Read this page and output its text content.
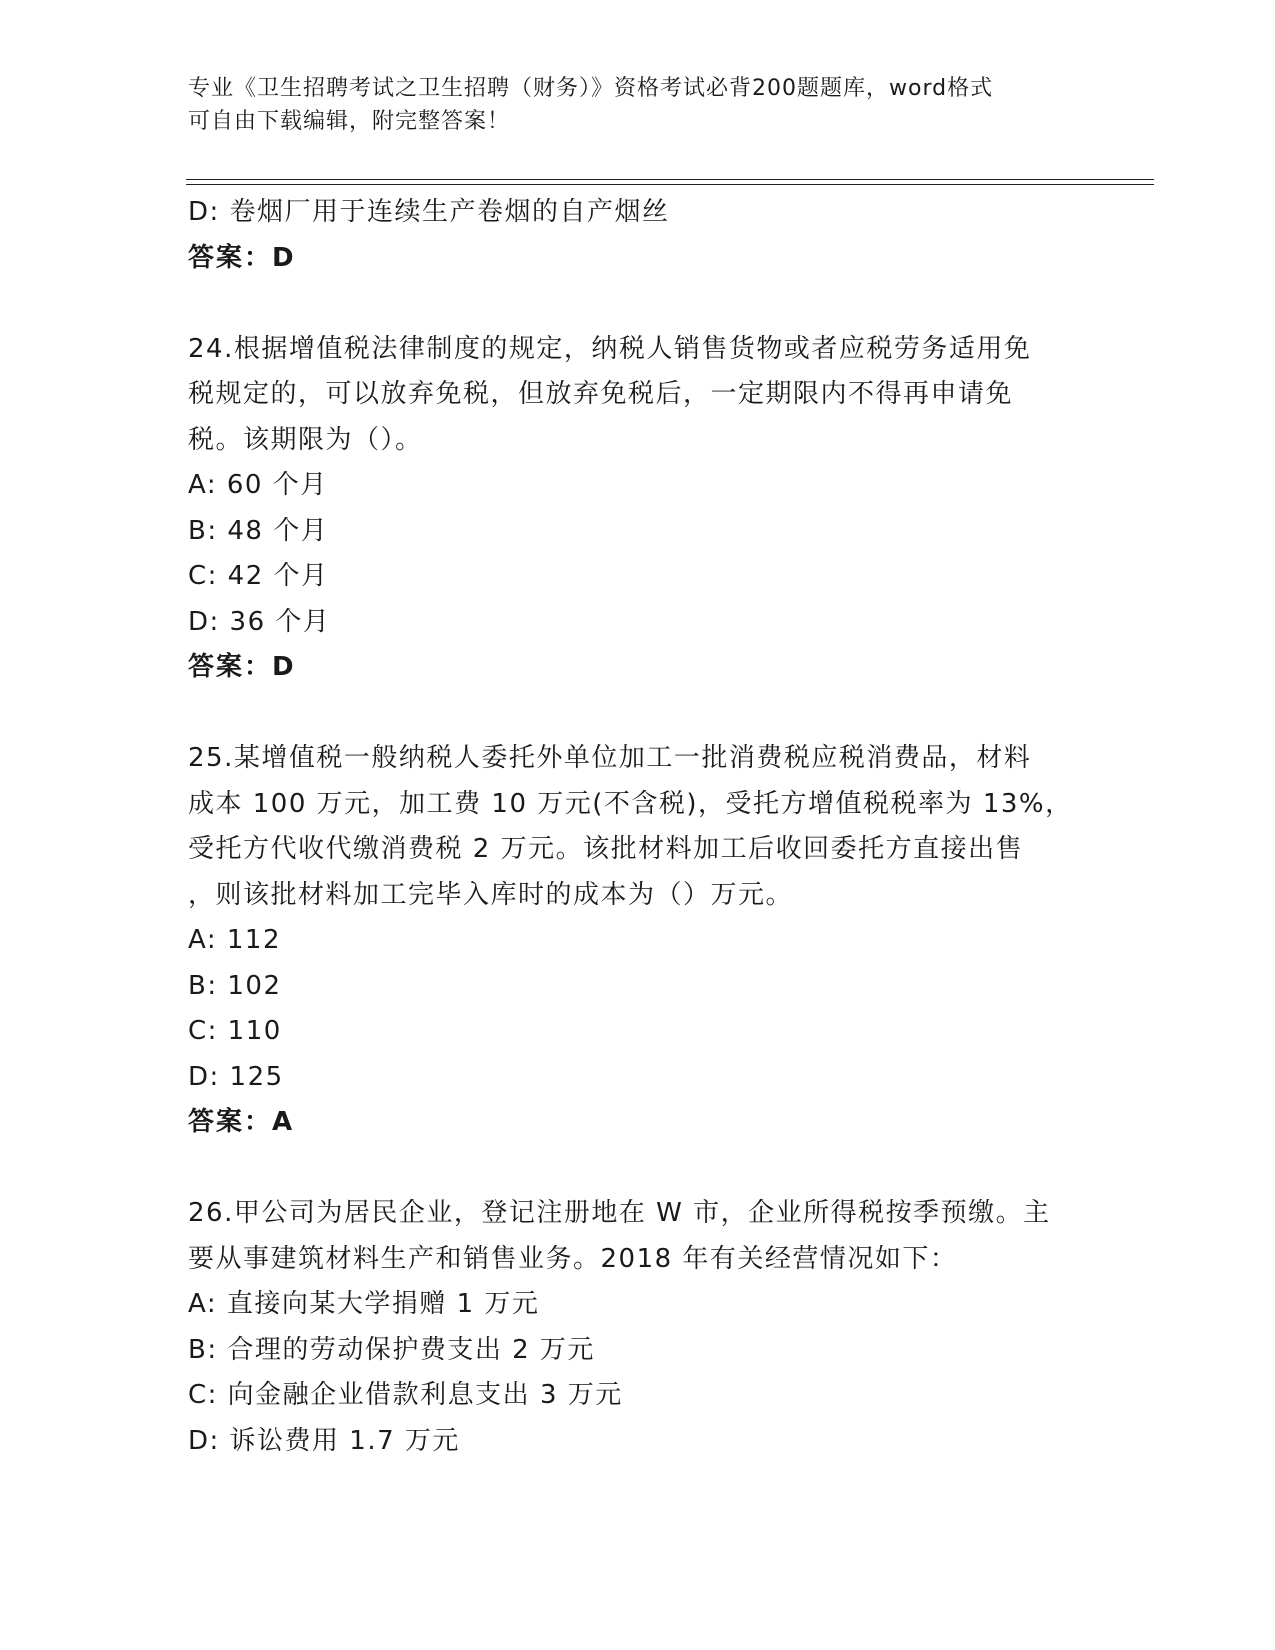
专业《卫生招聘考试之卫生招聘（财务）》资格考试必背200题题库，word格式
可自由下载编辑，附完整答案！
D: 卷烟厂用于连续生产卷烟的自产烟丝
答案：D
24.根据增值税法律制度的规定，纳税人销售货物或者应税劳务适用免
税规定的，可以放弃免税，但放弃免税后，一定期限内不得再申请免
税。该期限为（）。
A: 60 个月
B: 48 个月
C: 42 个月
D: 36 个月
答案：D
25.某增值税一般纳税人委托外单位加工一批消费税应税消费品，材料
成本 100 万元，加工费 10 万元(不含税)，受托方增值税税率为 13%，
受托方代收代缴消费税 2 万元。该批材料加工后收回委托方直接出售
，则该批材料加工完毕入库时的成本为（）万元。
A: 112
B: 102
C: 110
D: 125
答案：A
26.甲公司为居民企业，登记注册地在 W 市，企业所得税按季预缴。主
要从事建筑材料生产和销售业务。2018 年有关经营情况如下：
A: 直接向某大学捐赠 1 万元
B: 合理的劳动保护费支出 2 万元
C: 向金融企业借款利息支出 3 万元
D: 诉讼费用 1.7 万元
